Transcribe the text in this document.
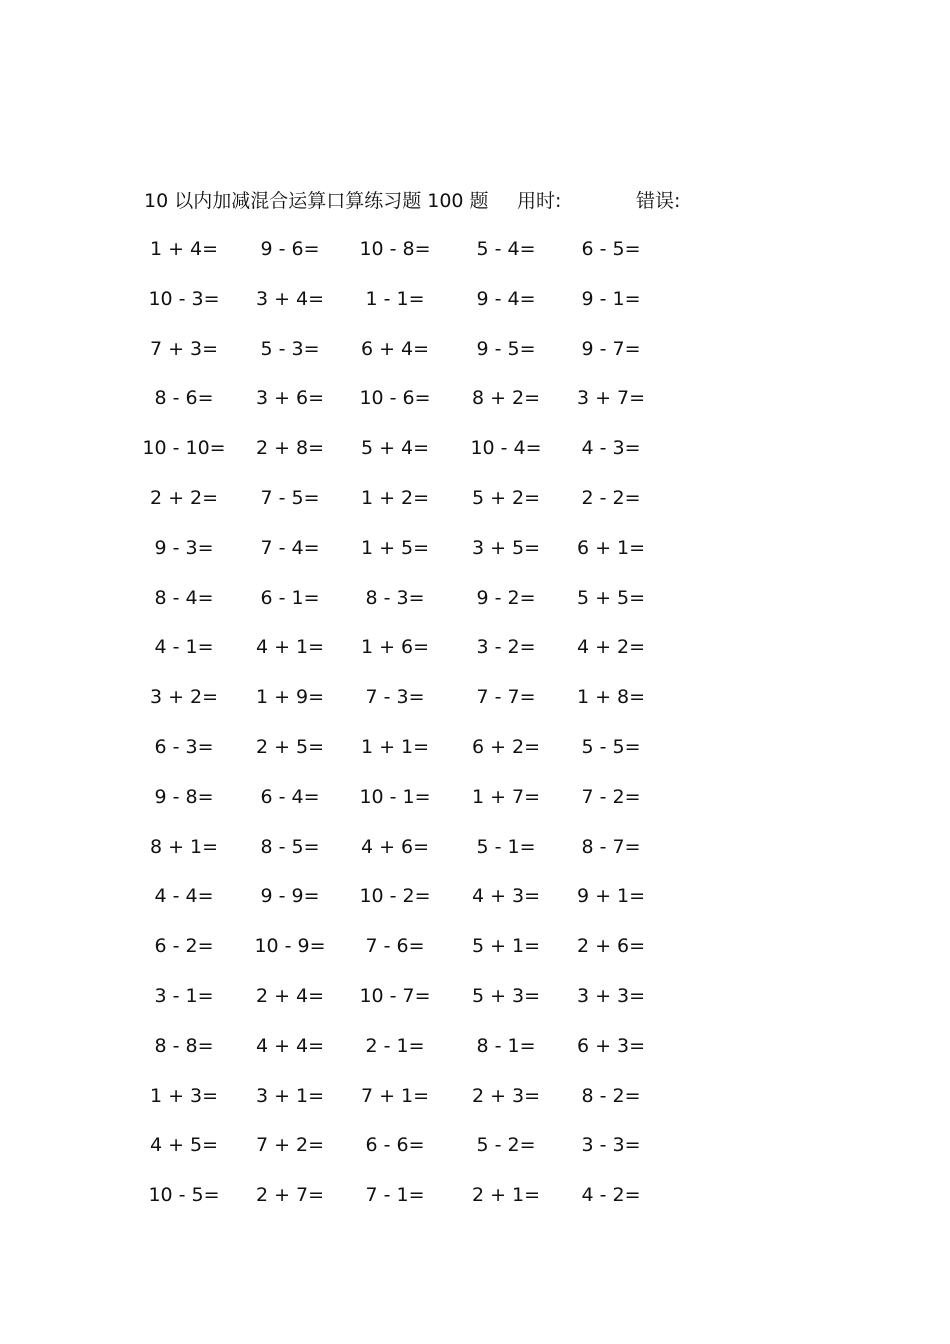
10 以内加减混合运算口算练习题 100 题 用时:	错误:
1 + 4=	9 - 6=	10 - 8=	5 - 4=	6 - 5=
10 - 3=	3 + 4=	1 - 1=	9 - 4=	9 - 1=
7 + 3=	5 - 3=	6 + 4=	9 - 5=	9 - 7=
8 - 6=	3 + 6=	10 - 6=	8 + 2=	3 + 7=
10 - 10=	2 + 8=	5 + 4=	10 - 4=	4 - 3=
2 + 2=	7 - 5=	1 + 2=	5 + 2=	2 - 2=
9 - 3=	7 - 4=	1 + 5=	3 + 5=	6 + 1=
8 - 4=	6 - 1=	8 - 3=	9 - 2=	5 + 5=
4 - 1=	4 + 1=	1 + 6=	3 - 2=	4 + 2=
3 + 2=	1 + 9=	7 - 3=	7 - 7=	1 + 8=
6 - 3=	2 + 5=	1 + 1=	6 + 2=	5 - 5=
9 - 8=	6 - 4=	10 - 1=	1 + 7=	7 - 2=
8 + 1=	8 - 5=	4 + 6=	5 - 1=	8 - 7=
4 - 4=	9 - 9=	10 - 2=	4 + 3=	9 + 1=
6 - 2=	10 - 9=	7 - 6=	5 + 1=	2 + 6=
3 - 1=	2 + 4=	10 - 7=	5 + 3=	3 + 3=
8 - 8=	4 + 4=	2 - 1=	8 - 1=	6 + 3=
1 + 3=	3 + 1=	7 + 1=	2 + 3=	8 - 2=
4 + 5=	7 + 2=	6 - 6=	5 - 2=	3 - 3=
10 - 5=	2 + 7=	7 - 1=	2 + 1=	4 - 2=
